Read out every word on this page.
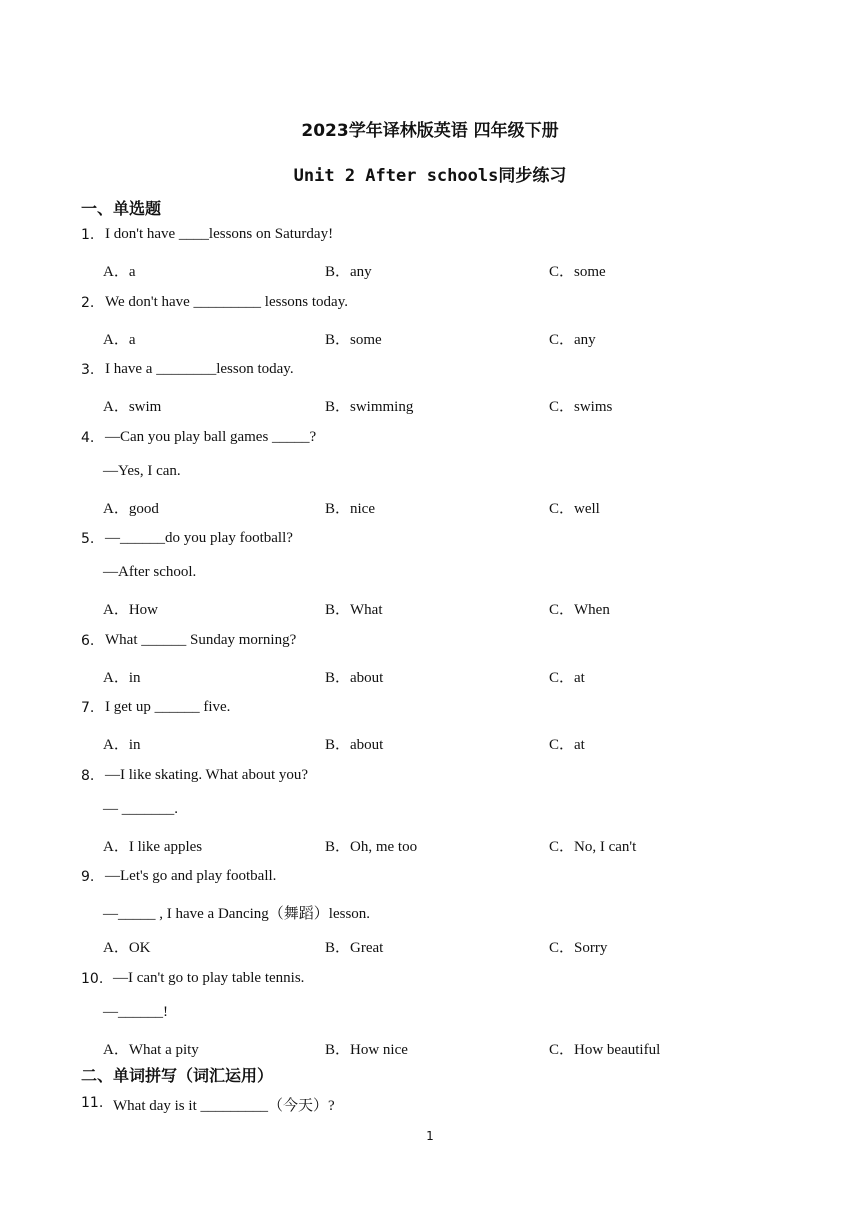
2023学年译林版英语 四年级下册
Unit 2 After schools同步练习
一、单选题
1. I don't have ____lessons on Saturday!
A．a	B．any	C．some
2. We don't have _________ lessons today.
A．a	B．some	C．any
3. I have a ________lesson today.
A．swim	B．swimming	C．swims
4. —Can you play ball games _____?
—Yes, I can.
A．good	B．nice	C．well
5. —______do you play football?
—After school.
A．How	B．What	C．When
6. What ______ Sunday morning?
A．in	B．about	C．at
7. I get up ______ five.
A．in	B．about	C．at
8. —I like skating. What about you?
— _______.
A．I like apples	B．Oh, me too	C．No, I can't
9. —Let's go and play football.
—_____ , I have a Dancing（舞蹈）lesson.
A．OK	B．Great	C．Sorry
10. —I can't go to play table tennis.
—______!
A．What a pity	B．How nice	C．How beautiful
二、单词拼写（词汇运用）
11. What day is it _________（今天）?
1
